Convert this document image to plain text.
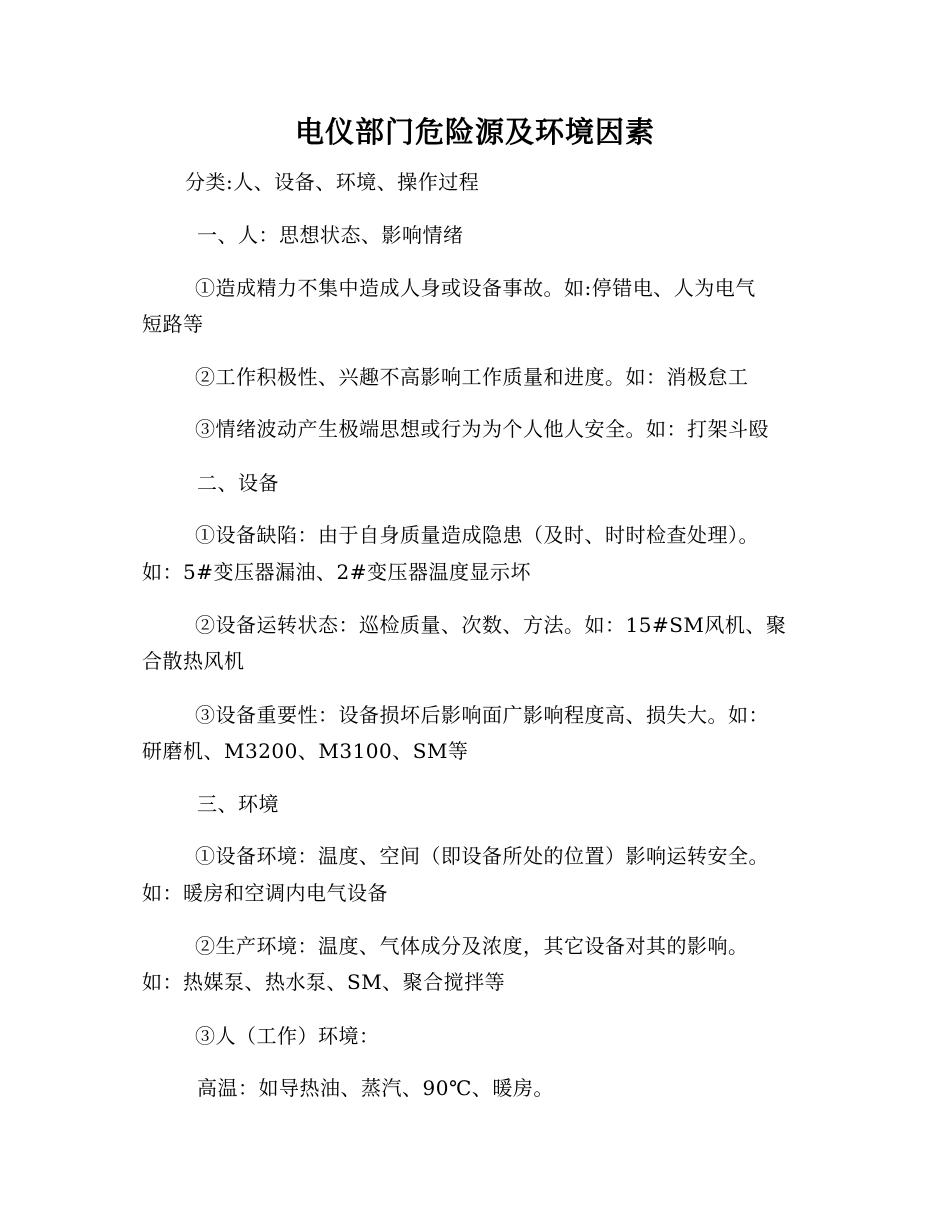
电仪部门危险源及环境因素
分类:人、设备、环境、操作过程
一、人：思想状态、影响情绪
①造成精力不集中造成人身或设备事故。如:停错电、人为电气
短路等
②工作积极性、兴趣不高影响工作质量和进度。如：消极怠工
③情绪波动产生极端思想或行为为个人他人安全。如：打架斗殴
二、设备
①设备缺陷：由于自身质量造成隐患（及时、时时检查处理）。
如：5#变压器漏油、2#变压器温度显示坏
②设备运转状态：巡检质量、次数、方法。如：15#SM风机、聚
合散热风机
③设备重要性：设备损坏后影响面广影响程度高、损失大。如：
研磨机、M3200、M3100、SM等
三、环境
①设备环境：温度、空间（即设备所处的位置）影响运转安全。
如：暖房和空调内电气设备
②生产环境：温度、气体成分及浓度，其它设备对其的影响。
如：热媒泵、热水泵、SM、聚合搅拌等
③人（工作）环境：
高温：如导热油、蒸汽、90℃、暖房。
